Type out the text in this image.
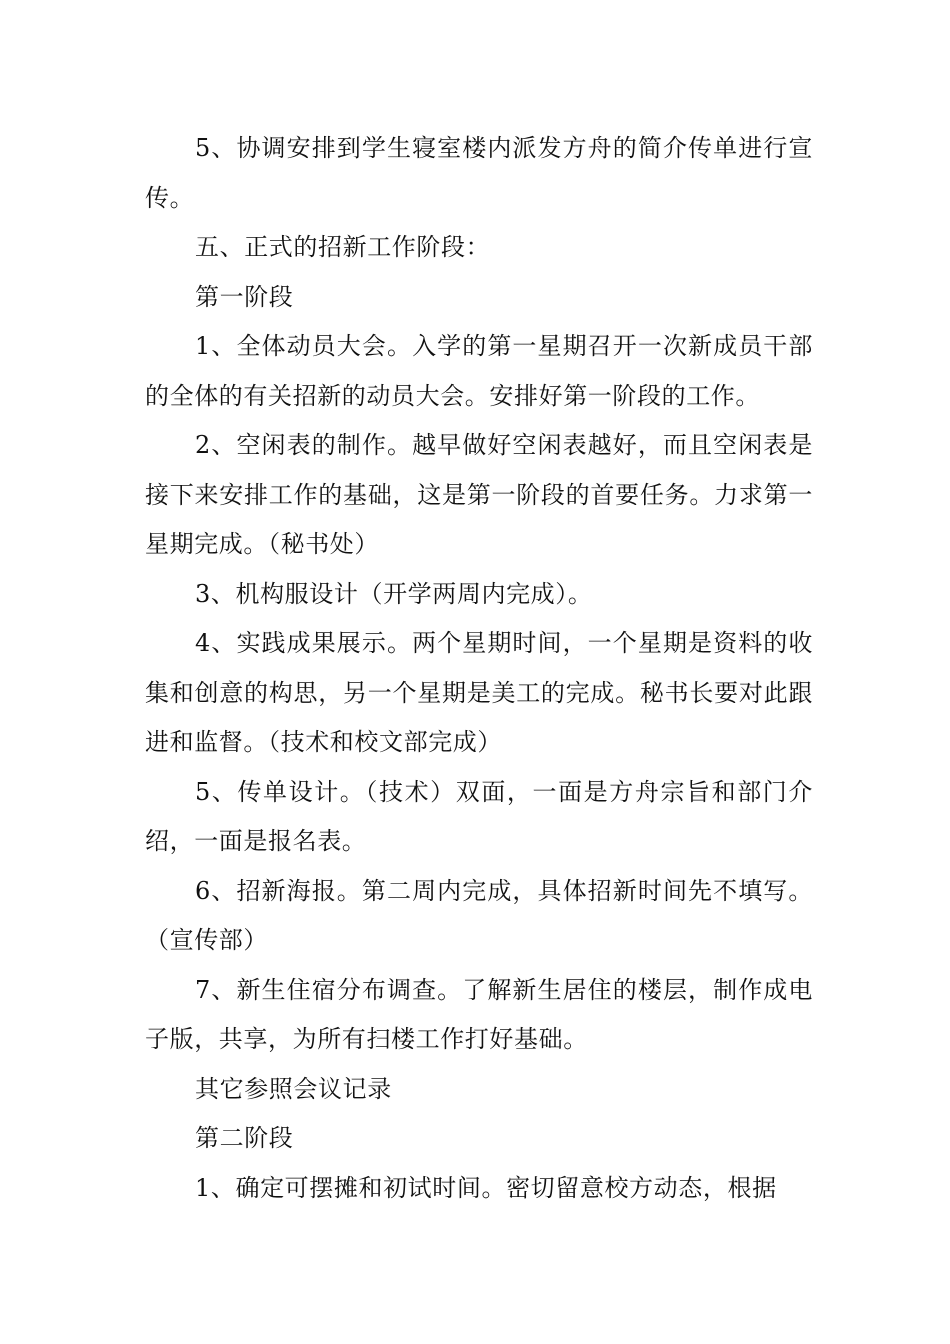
5、协调安排到学生寝室楼内派发方舟的简介传单进行宣传。

五、正式的招新工作阶段：

第一阶段

1、全体动员大会。入学的第一星期召开一次新成员干部的全体的有关招新的动员大会。安排好第一阶段的工作。

2、空闲表的制作。越早做好空闲表越好，而且空闲表是接下来安排工作的基础，这是第一阶段的首要任务。力求第一星期完成。（秘书处）

3、机构服设计（开学两周内完成）。

4、实践成果展示。两个星期时间，一个星期是资料的收集和创意的构思，另一个星期是美工的完成。秘书长要对此跟进和监督。（技术和校文部完成）

5、传单设计。（技术）双面，一面是方舟宗旨和部门介绍，一面是报名表。

6、招新海报。第二周内完成，具体招新时间先不填写。（宣传部）

7、新生住宿分布调查。了解新生居住的楼层，制作成电子版，共享，为所有扫楼工作打好基础。

其它参照会议记录

第二阶段

1、确定可摆摊和初试时间。密切留意校方动态，根据
